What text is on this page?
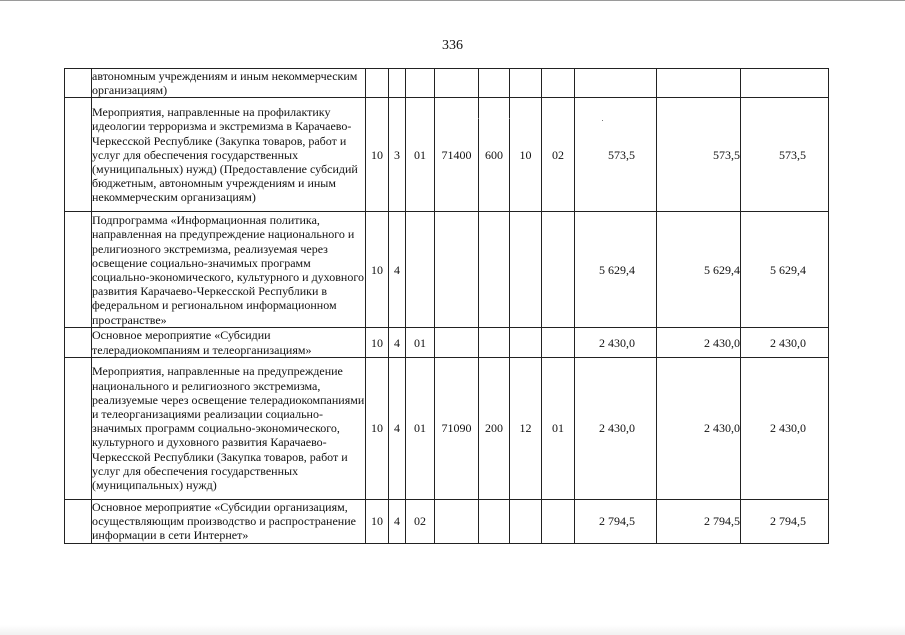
336
	автономным учреждениям и иным некоммерческим организациям)										
	Мероприятия, направленные на профилактику идеологии терроризма и экстремизма в Карачаево-Черкесской Республике (Закупка товаров, работ и услуг для обеспечения государственных (муниципальных) нужд) (Предоставление субсидий бюджетным, автономным учреждениям и иным некоммерческим организациям)	10	3	01	71400	600	10	02	573,5	573,5	573,5
	Подпрограмма «Информационная политика, направленная на предупреждение национального и религиозного экстремизма, реализуемая через освещение социально-значимых программ социально-экономического, культурного и духовного развития Карачаево-Черкесской Республики в федеральном и региональном информационном пространстве»	10	4						5 629,4	5 629,4	5 629,4
	Основное мероприятие «Субсидии телерадиокомпаниям и телеорганизациям»	10	4	01					2 430,0	2 430,0	2 430,0
	Мероприятия, направленные на предупреждение национального и религиозного экстремизма, реализуемые через освещение телерадиокомпаниями и телеорганизациями реализации социально-значимых программ социально-экономического, культурного и духовного развития Карачаево-Черкесской Республики (Закупка товаров, работ и услуг для обеспечения государственных (муниципальных) нужд)	10	4	01	71090	200	12	01	2 430,0	2 430,0	2 430,0
	Основное мероприятие «Субсидии организациям, осуществляющим производство и распространение информации в сети Интернет»	10	4	02					2 794,5	2 794,5	2 794,5
